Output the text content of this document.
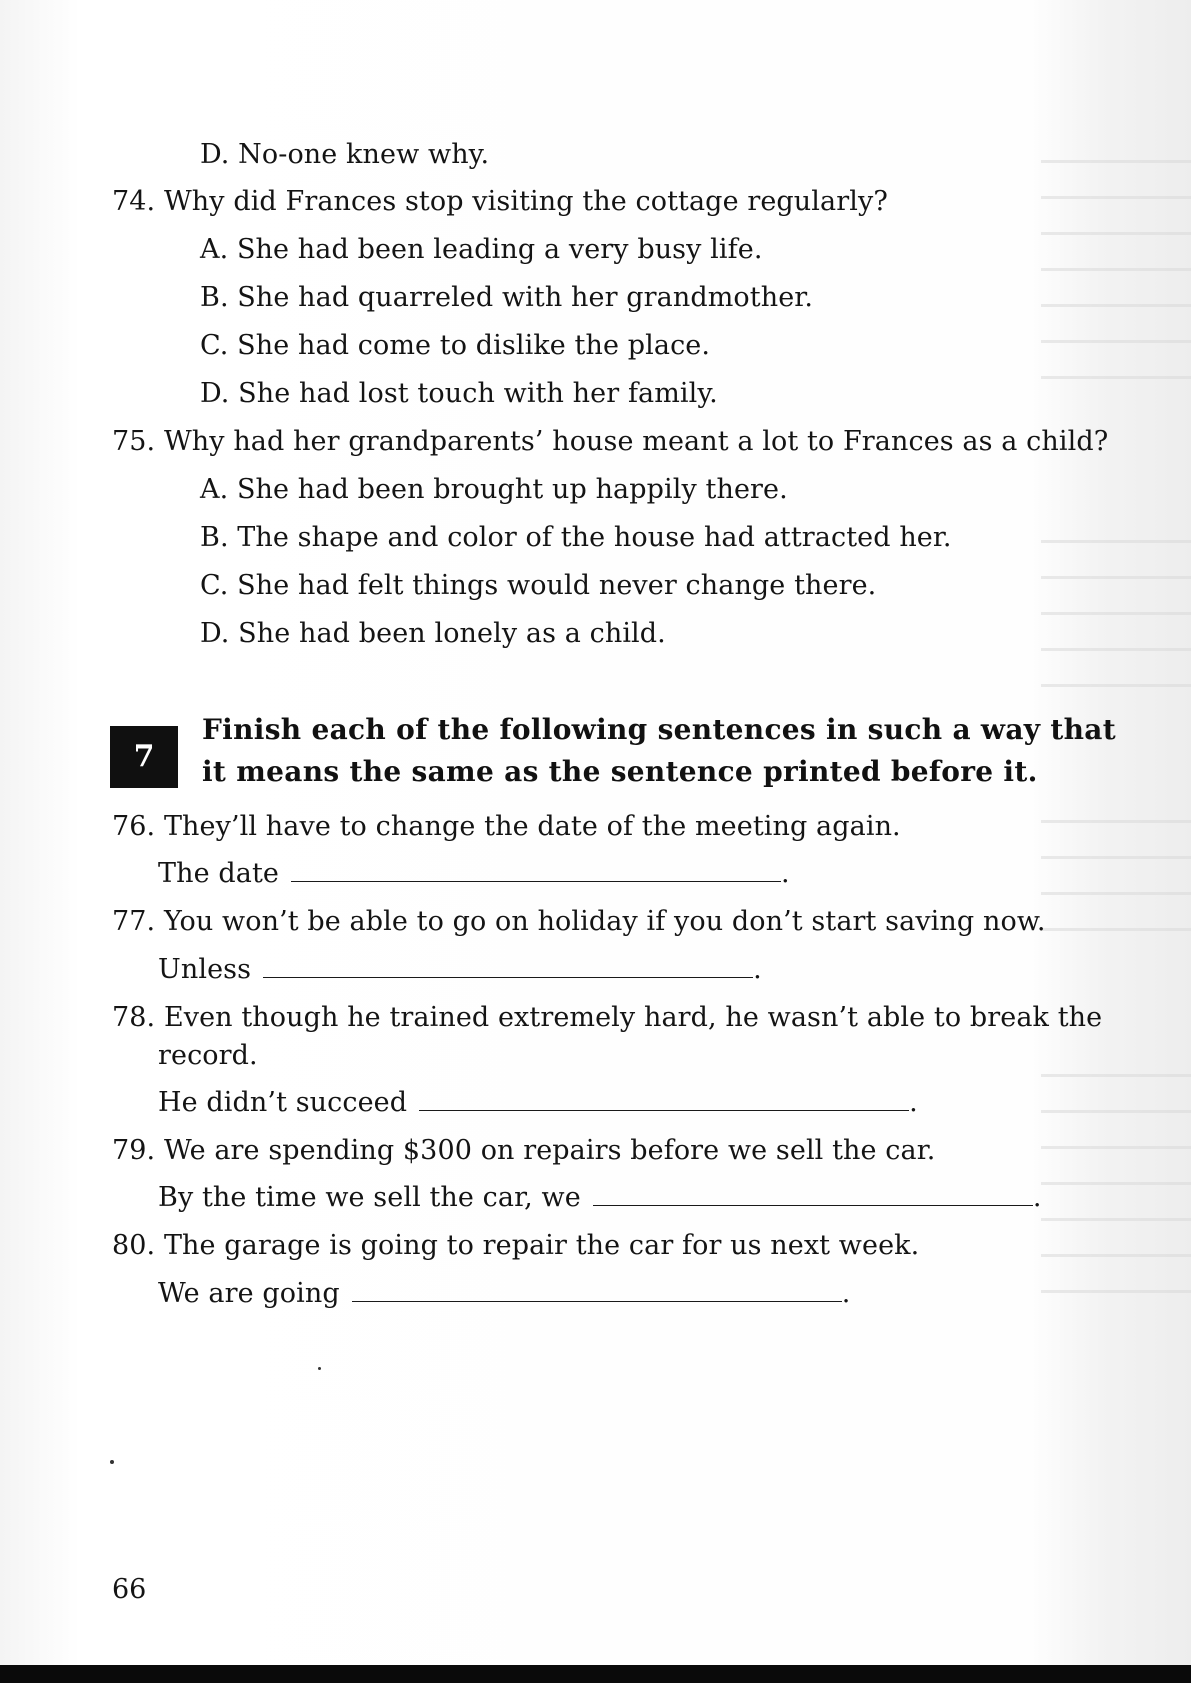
D. No-one knew why.
74. Why did Frances stop visiting the cottage regularly?
A. She had been leading a very busy life.
B. She had quarreled with her grandmother.
C. She had come to dislike the place.
D. She had lost touch with her family.
75. Why had her grandparents’ house meant a lot to Frances as a child?
A. She had been brought up happily there.
B. The shape and color of the house had attracted her.
C. She had felt things would never change there.
D. She had been lonely as a child.
7
Finish each of the following sentences in such a way that
it means the same as the sentence printed before it.
76. They’ll have to change the date of the meeting again.
The date	.
77. You won’t be able to go on holiday if you don’t start saving now.
Unless	.
78. Even though he trained extremely hard, he wasn’t able to break the
record.
He didn’t succeed	.
79. We are spending $300 on repairs before we sell the car.
By the time we sell the car, we	.
80. The garage is going to repair the car for us next week.
We are going	.
66
